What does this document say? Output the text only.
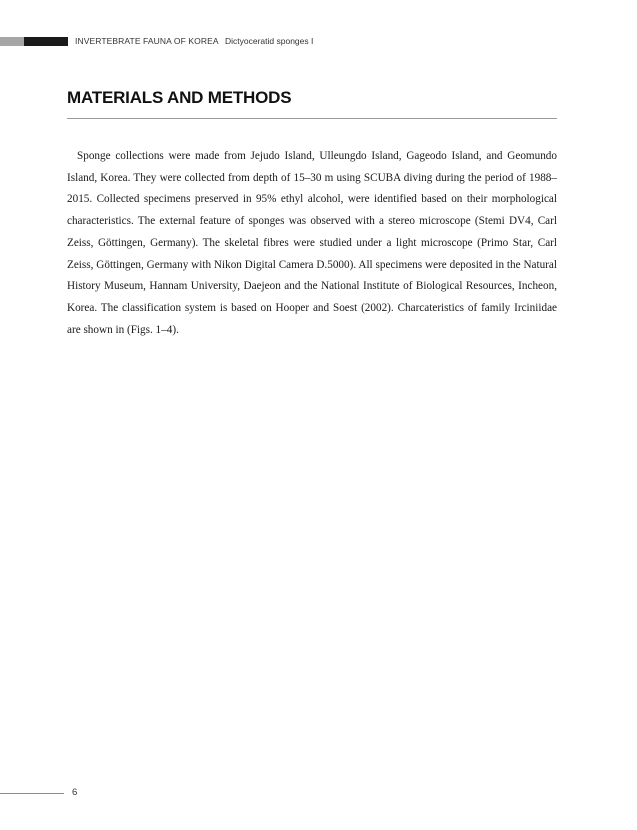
INVERTEBRATE FAUNA OF KOREA Dictyoceratid sponges I
MATERIALS AND METHODS

Sponge collections were made from Jejudo Island, Ulleungdo Island, Gageodo Island, and Geomundo Island, Korea. They were collected from depth of 15–30 m using SCUBA diving during the period of 1988–2015. Collected specimens preserved in 95% ethyl alcohol, were identified based on their morphological characteristics. The external feature of sponges was observed with a stereo microscope (Stemi DV4, Carl Zeiss, Göttingen, Germany). The skeletal fibres were studied under a light microscope (Primo Star, Carl Zeiss, Göttingen, Germany with Nikon Digital Camera D.5000). All specimens were deposited in the Natural History Museum, Hannam University, Daejeon and the National Institute of Biological Resources, Incheon, Korea. The classification system is based on Hooper and Soest (2002). Charcateristics of family Irciniidae are shown in (Figs. 1–4).

6
